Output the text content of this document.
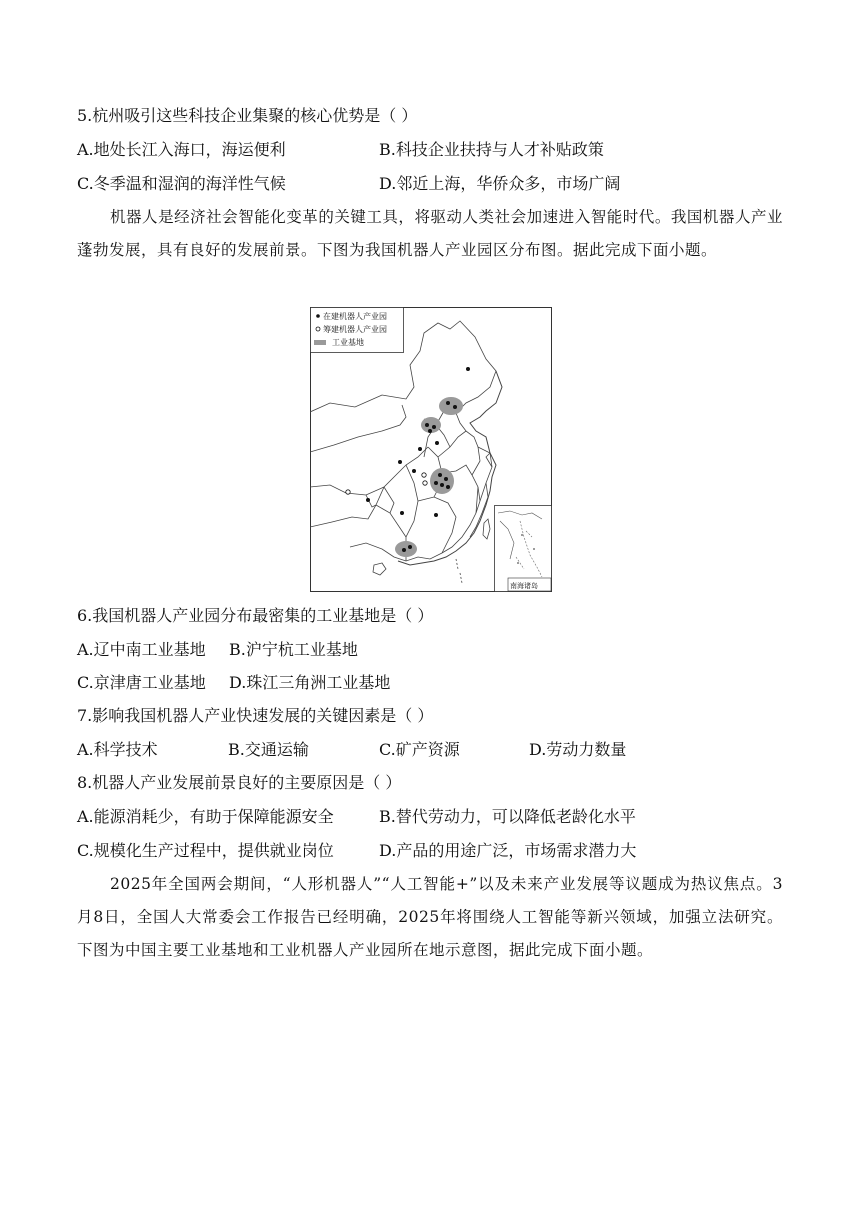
5.杭州吸引这些科技企业集聚的核心优势是（ ）
A.地处长江入海口，海运便利	B.科技企业扶持与人才补贴政策
C.冬季温和湿润的海洋性气候	D.邻近上海，华侨众多，市场广阔
机器人是经济社会智能化变革的关键工具，将驱动人类社会加速进入智能时代。我国机器人产业蓬勃发展，具有良好的发展前景。下图为我国机器人产业园区分布图。据此完成下面小题。
在建机器人产业园
筹建机器人产业园
工业基地
南海诸岛
6.我国机器人产业园分布最密集的工业基地是（ ）
A.辽中南工业基地 B.沪宁杭工业基地
C.京津唐工业基地 D.珠江三角洲工业基地
7.影响我国机器人产业快速发展的关键因素是（ ）
A.科学技术	B.交通运输	C.矿产资源	D.劳动力数量
8.机器人产业发展前景良好的主要原因是（ ）
A.能源消耗少，有助于保障能源安全	B.替代劳动力，可以降低老龄化水平
C.规模化生产过程中，提供就业岗位	D.产品的用途广泛，市场需求潜力大
2025年全国两会期间，“人形机器人”“人工智能+”以及未来产业发展等议题成为热议焦点。3月8日，全国人大常委会工作报告已经明确，2025年将围绕人工智能等新兴领域，加强立法研究。下图为中国主要工业基地和工业机器人产业园所在地示意图，据此完成下面小题。
